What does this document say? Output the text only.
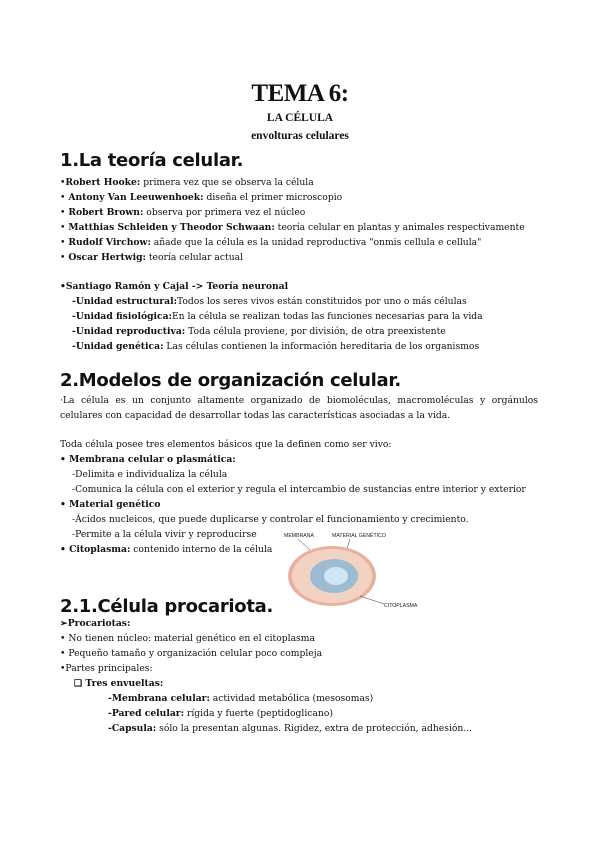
TEMA 6:
LA CÉLULA
envolturas celulares
1.La teoría celular.
•Robert Hooke: primera vez que se observa la célula
• Antony Van Leeuwenhoek: diseña el primer microscopio
• Robert Brown: observa por primera vez el núcleo
• Matthias Schleiden y Theodor Schwaan: teoría celular en plantas y animales respectivamente
• Rudolf Virchow: añade que la célula es la unidad reproductiva "onmis cellula e cellula"
• Oscar Hertwig: teoría celular actual
•Santiago Ramón y Cajal -> Teoría neuronal
-Unidad estructural:Todos los seres vivos están constituidos por uno o más células
-Unidad fisiológica:En la célula se realizan todas las funciones necesarias para la vida
-Unidad reproductiva: Toda célula proviene, por división, de otra preexistente
-Unidad genética: Las células contienen la información hereditaria de los organismos
2.Modelos de organización celular.
·La célula es un conjunto altamente organizado de biomoléculas, macromoléculas y orgánulos
celulares con capacidad de desarrollar todas las características asociadas a la vida.
Toda célula posee tres elementos básicos que la definen como ser vivo:
• Membrana celular o plasmática:
-Delimita e individualiza la célula
-Comunica la célula con el exterior y regula el intercambio de sustancias entre interior y exterior
• Material genético
-Ácidos nucleicos, que puede duplicarse y controlar el funcionamiento y crecimiento.
-Permite a la célula vivir y reproducirse
• Citoplasma: contenido interno de la célula
MEMBRANA	MATERIAL GENÉTICO
CITOPLASMA
2.1.Célula procariota.
➢Procariotas:
• No tienen núcleo: material genético en el citoplasma
• Pequeño tamaño y organización celular poco compleja
•Partes principales:
❑ Tres envueltas:
-Membrana celular: actividad metabólica (mesosomas)
-Pared celular: rígida y fuerte (peptidoglicano)
-Capsula: sólo la presentan algunas. Rigidez, extra de protección, adhesión...
